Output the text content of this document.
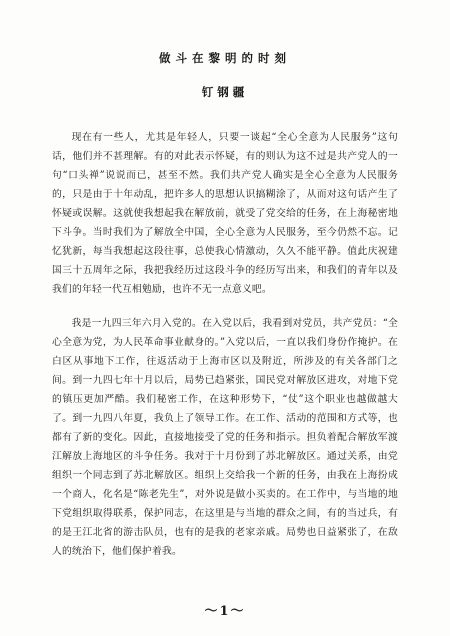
做斗在黎明的时刻
钉钢疆

现在有一些人，尤其是年轻人，只要一谈起“全心全意为人民服务”这句话，他们并不甚理解。有的对此表示怀疑，有的则认为这不过是共产党人的一句“口头禅”说说而已，甚至不然。我们共产党人确实是全心全意为人民服务的，只是由于十年动乱，把许多人的思想认识搞糊涂了，从而对这句话产生了怀疑或误解。这就使我想起我在解放前，就受了党交给的任务，在上海秘密地下斗争。当时我们为了解放全中国，全心全意为人民服务，至今仍然不忘。记忆犹新，每当我想起这段往事，总使我心情激动，久久不能平静。值此庆祝建国三十五周年之际，我把我经历过这段斗争的经历写出来，和我们的青年以及我们的年轻一代互相勉励，也许不无一点意义吧。

我是一九四三年六月入党的。在入党以后，我看到对党员，共产党员：“全心全意为党，为人民革命事业献身的。”入党以后，一直以我们身份作掩护。在白区从事地下工作，往返活动于上海市区以及附近，所涉及的有关各部门之间。到一九四七年十月以后，局势已趋紧张，国民党对解放区进攻，对地下党的镇压更加严酷。我们秘密工作，在这种形势下，“仗”这个职业也越做越大了。到一九四八年夏，我负上了领导工作。在工作、活动的范围和方式等，也都有了新的变化。因此，直接地接受了党的任务和指示。担负着配合解放军渡江解放上海地区的斗争任务。我对于十月份到了苏北解放区。通过关系，由党组织一个同志到了苏北解放区。组织上交给我一个新的任务，由我在上海扮成一个商人，化名是“陈老先生”，对外说是做小买卖的。在工作中，与当地的地下党组织取得联系，保护同志，在这里是与当地的群众之间，有的当过兵，有的是王江北省的游击队员，也有的是我的老家亲戚。局势也日益紧张了，在敌人的统治下，他们保护着我。

～1～
